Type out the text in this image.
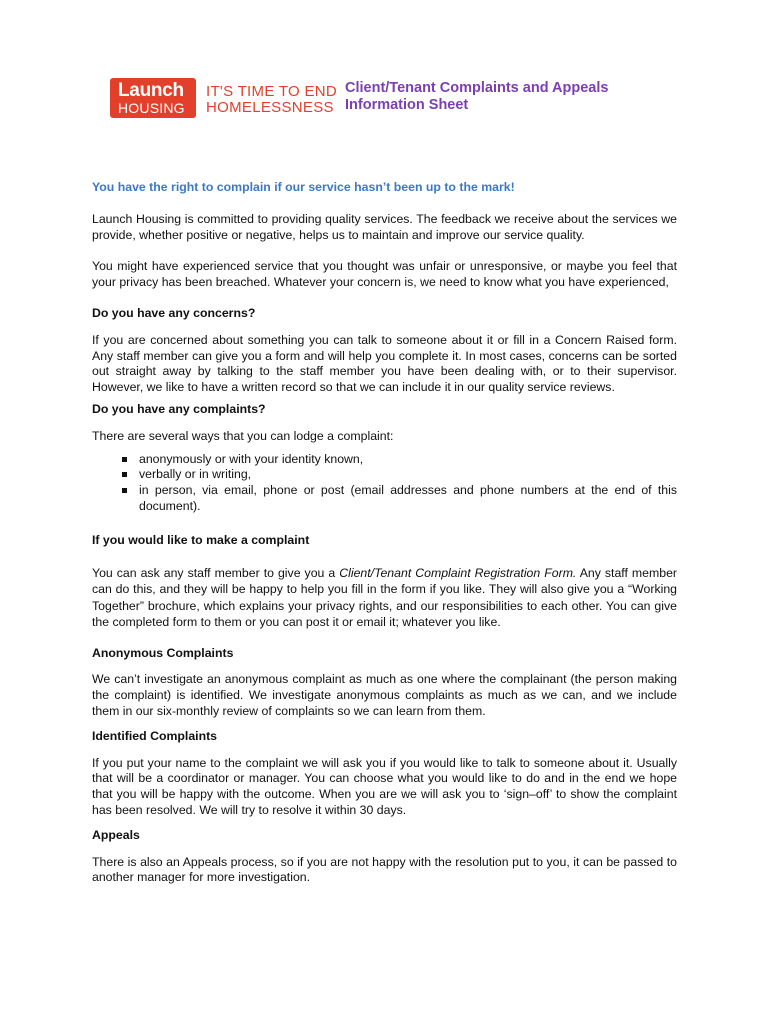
Launch
HOUSING
IT'S TIME TO END
HOMELESSNESS
Client/Tenant Complaints and Appeals
Information Sheet

You have the right to complain if our service hasn’t been up to the mark!

Launch Housing is committed to providing quality services. The feedback we receive about the services we provide, whether positive or negative, helps us to maintain and improve our service quality.

You might have experienced service that you thought was unfair or unresponsive, or maybe you feel that your privacy has been breached. Whatever your concern is, we need to know what you have experienced,

Do you have any concerns?

If you are concerned about something you can talk to someone about it or fill in a Concern Raised form. Any staff member can give you a form and will help you complete it. In most cases, concerns can be sorted out straight away by talking to the staff member you have been dealing with, or to their supervisor. However, we like to have a written record so that we can include it in our quality service reviews.

Do you have any complaints?

There are several ways that you can lodge a complaint:

anonymously or with your identity known,
verbally or in writing,
in person, via email, phone or post (email addresses and phone numbers at the end of this document).

If you would like to make a complaint

You can ask any staff member to give you a Client/Tenant Complaint Registration Form. Any staff member can do this, and they will be happy to help you fill in the form if you like. They will also give you a “Working Together” brochure, which explains your privacy rights, and our responsibilities to each other. You can give the completed form to them or you can post it or email it; whatever you like.

Anonymous Complaints

We can’t investigate an anonymous complaint as much as one where the complainant (the person making the complaint) is identified. We investigate anonymous complaints as much as we can, and we include them in our six-monthly review of complaints so we can learn from them.

Identified Complaints

If you put your name to the complaint we will ask you if you would like to talk to someone about it. Usually that will be a coordinator or manager. You can choose what you would like to do and in the end we hope that you will be happy with the outcome. When you are we will ask you to ‘sign–off’ to show the complaint has been resolved. We will try to resolve it within 30 days.

Appeals

There is also an Appeals process, so if you are not happy with the resolution put to you, it can be passed to another manager for more investigation.
